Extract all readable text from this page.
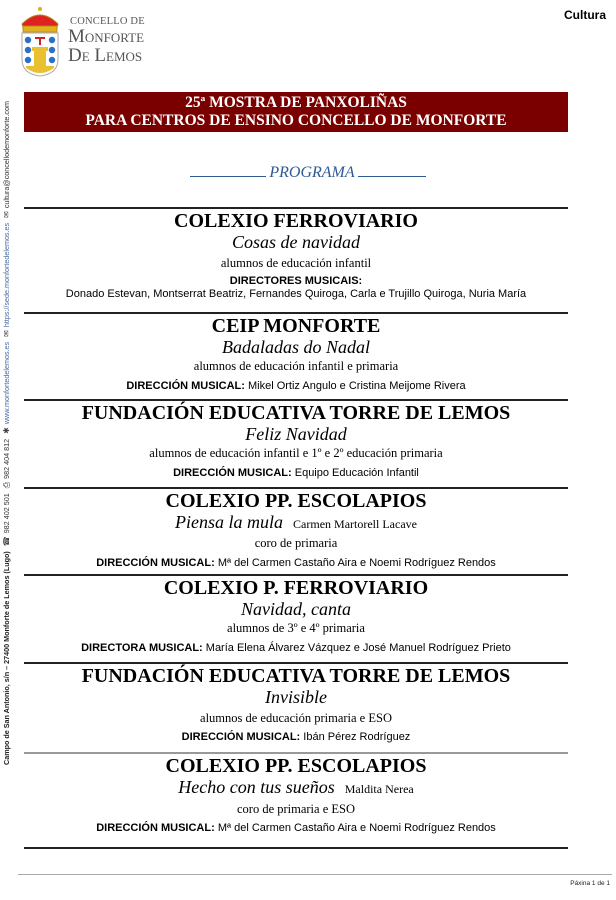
CONCELLO DE
Monforte
De Lemos
Cultura
Campo de San Antonio, s/n – 27400 Monforte de Lemos (Lugo) ☎982 402 501 ⎙982 404 812 ✱www.monfortedelemos.es ✉https://sede.monfortedelemos.es ✉cultura@concellodemonforte.com	25ª MOSTRA DE PANXOLIÑAS
PARA CENTROS DE ENSINO CONCELLO DE MONFORTE
PROGRAMA
COLEXIO FERROVIARIO
Cosas de navidad
alumnos de educación infantil
DIRECTORES MUSICAIS:
Donado Estevan, Montserrat Beatriz, Fernandes Quiroga, Carla e Trujillo Quiroga, Nuria María
CEIP MONFORTE
Badaladas do Nadal
alumnos de educación infantil e primaria
DIRECCIÓN MUSICAL: Mikel Ortiz Angulo e Cristina Meijome Rivera
FUNDACIÓN EDUCATIVA TORRE DE LEMOS
Feliz Navidad
alumnos de educación infantil e 1º e 2º educación primaria
DIRECCIÓN MUSICAL: Equipo Educación Infantil
COLEXIO PP. ESCOLAPIOS
Piensa la mula Carmen Martorell Lacave
coro de primaria
DIRECCIÓN MUSICAL: Mª del Carmen Castaño Aira e Noemi Rodríguez Rendos
COLEXIO P. FERROVIARIO
Navidad, canta
alumnos de 3º e 4º primaria
DIRECTORA MUSICAL: María Elena Álvarez Vázquez e José Manuel Rodríguez Prieto
FUNDACIÓN EDUCATIVA TORRE DE LEMOS
Invisible
alumnos de educación primaria e ESO
DIRECCIÓN MUSICAL: Ibán Pérez Rodríguez
COLEXIO PP. ESCOLAPIOS
Hecho con tus sueños Maldita Nerea
coro de primaria e ESO
DIRECCIÓN MUSICAL: Mª del Carmen Castaño Aira e Noemi Rodríguez Rendos
Páxina 1 de 1
